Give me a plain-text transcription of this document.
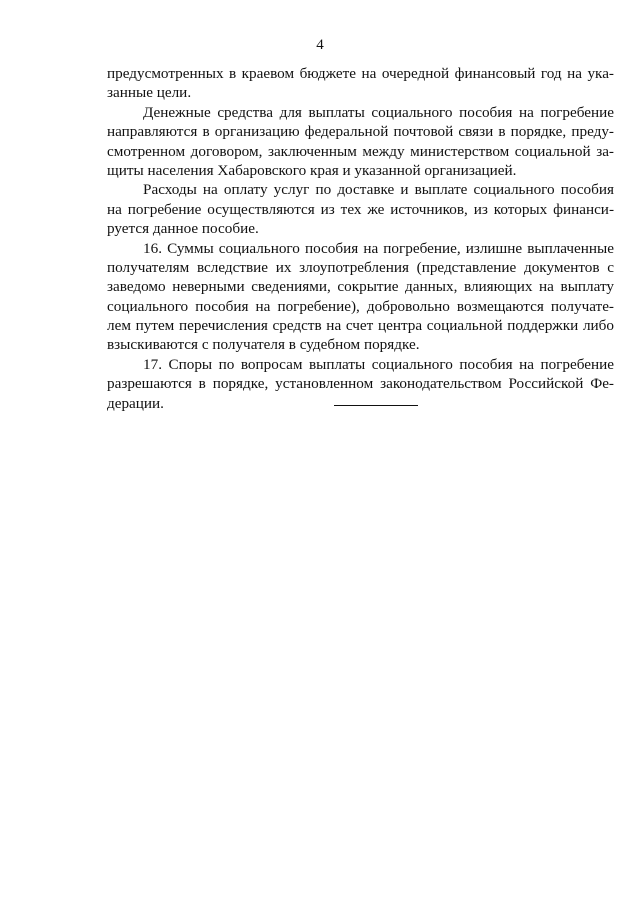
4
предусмотренных в краевом бюджете на очередной финансовый год на ука-
занные цели.
Денежные средства для выплаты социального пособия на погребение
направляются в организацию федеральной почтовой связи в порядке, преду-
смотренном договором, заключенным между министерством социальной за-
щиты населения Хабаровского края и указанной организацией.
Расходы на оплату услуг по доставке и выплате социального пособия
на погребение осуществляются из тех же источников, из которых финанси-
руется данное пособие.
16. Суммы социального пособия на погребение, излишне выплаченные
получателям вследствие их злоупотребления (представление документов с
заведомо неверными сведениями, сокрытие данных, влияющих на выплату
социального пособия на погребение), добровольно возмещаются получате-
лем путем перечисления средств на счет центра социальной поддержки либо
взыскиваются с получателя в судебном порядке.
17. Споры по вопросам выплаты социального пособия на погребение
разрешаются в порядке, установленном законодательством Российской Фе-
дерации.
